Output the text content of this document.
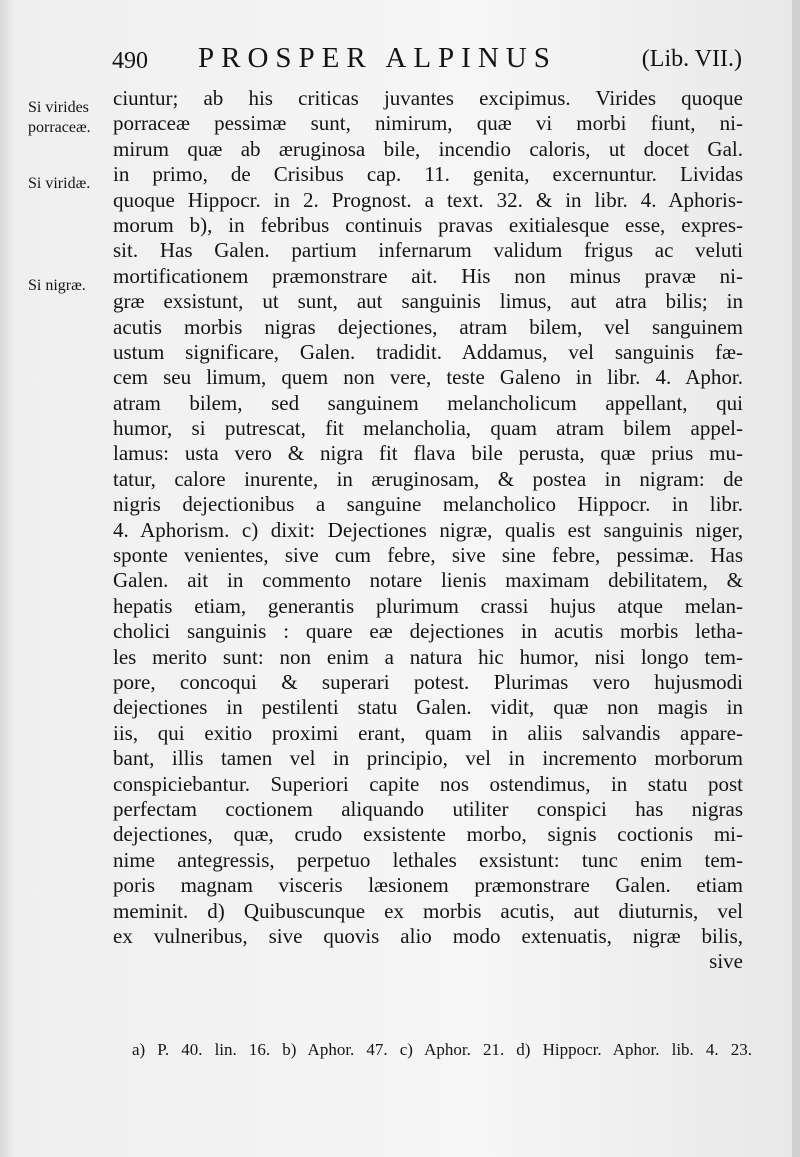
490 PROSPER ALPINUS	(Lib. VII.)
Si virides porraceæ.
Si viridæ.
Si nigræ.
ciuntur; ab his criticas juvantes excipimus. Virides quoque
porraceæ pessimæ sunt, nimirum, quæ vi morbi fiunt, ni-
mirum quæ ab æruginosa bile, incendio caloris, ut docet Gal.
in primo, de Crisibus cap. 11. genita, excernuntur. Lividas
quoque Hippocr. in 2. Prognost. a text. 32. & in libr. 4. Aphoris-
morum b), in febribus continuis pravas exitialesque esse, expres-
sit. Has Galen. partium infernarum validum frigus ac veluti
mortificationem præmonstrare ait. His non minus pravæ ni-
græ exsistunt, ut sunt, aut sanguinis limus, aut atra bilis; in
acutis morbis nigras dejectiones, atram bilem, vel sanguinem
ustum significare, Galen. tradidit. Addamus, vel sanguinis fæ-
cem seu limum, quem non vere, teste Galeno in libr. 4. Aphor.
atram bilem, sed sanguinem melancholicum appellant, qui
humor, si putrescat, fit melancholia, quam atram bilem appel-
lamus: usta vero & nigra fit flava bile perusta, quæ prius mu-
tatur, calore inurente, in æruginosam, & postea in nigram: de
nigris dejectionibus a sanguine melancholico Hippocr. in libr.
4. Aphorism. c) dixit: Dejectiones nigræ, qualis est sanguinis niger,
sponte venientes, sive cum febre, sive sine febre, pessimæ. Has
Galen. ait in commento notare lienis maximam debilitatem, &
hepatis etiam, generantis plurimum crassi hujus atque melan-
cholici sanguinis : quare eæ dejectiones in acutis morbis letha-
les merito sunt: non enim a natura hic humor, nisi longo tem-
pore, concoqui & superari potest. Plurimas vero hujusmodi
dejectiones in pestilenti statu Galen. vidit, quæ non magis in
iis, qui exitio proximi erant, quam in aliis salvandis appare-
bant, illis tamen vel in principio, vel in incremento morborum
conspiciebantur. Superiori capite nos ostendimus, in statu post
perfectam coctionem aliquando utiliter conspici has nigras
dejectiones, quæ, crudo exsistente morbo, signis coctionis mi-
nime antegressis, perpetuo lethales exsistunt: tunc enim tem-
poris magnam visceris læsionem præmonstrare Galen. etiam
meminit. d) Quibuscunque ex morbis acutis, aut diuturnis, vel
ex vulneribus, sive quovis alio modo extenuatis, nigræ bilis,
sive
a) P. 40. lin. 16. b) Aphor. 47. c) Aphor. 21. d) Hippocr. Aphor. lib. 4. 23.
